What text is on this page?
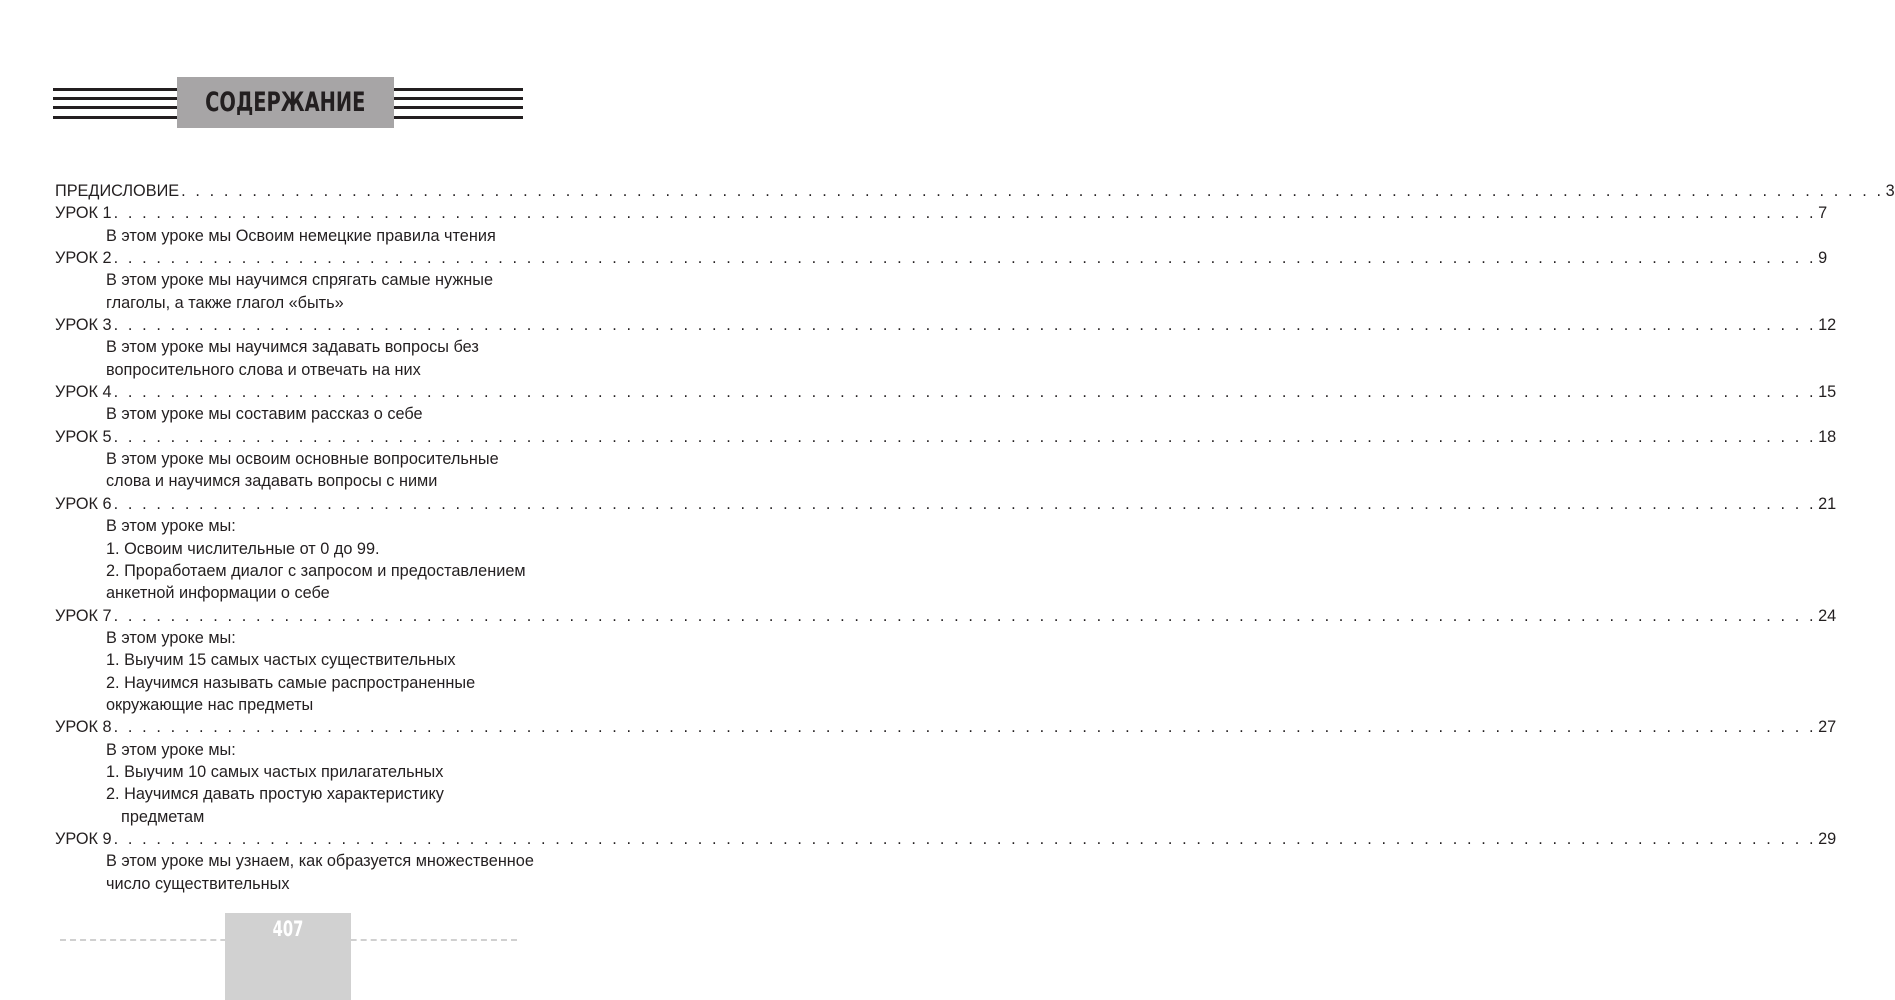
СОДЕРЖАНИЕ
ПРЕДИСЛОВИЕ . . . . . . . . . . . . . . . . . . . . . . . . . . . . . . . . . . . . . . . . . . . . . . . . . . . . . . . . . . . . . . . . . . . . . . . . . . . . . . . . . . . . . . . . . . . . . . . . . . . . . . . . . . . . . . . . . . . . . . . . 3
УРОК 1 . . . . . . . . . . . . . . . . . . . . . . . . . . . . . . . . . . . . . . . . . . . . . . . . . . . . . . . . . . . . . . . . . . . . . . . . . . . . . . . . . . . . . . . . . . . . . . . . . . . . . . . . . . . . . . . . . . . . . . . . 7
В этом уроке мы Освоим немецкие правила чтения
УРОК 2 . . . . . . . . . . . . . . . . . . . . . . . . . . . . . . . . . . . . . . . . . . . . . . . . . . . . . . . . . . . . . . . . . . . . . . . . . . . . . . . . . . . . . . . . . . . . . . . . . . . . . . . . . . . . . . . . . . . . . . . . 9
В этом уроке мы научимся спрягать самые нужные
глаголы, а также глагол «быть»
УРОК 3 . . . . . . . . . . . . . . . . . . . . . . . . . . . . . . . . . . . . . . . . . . . . . . . . . . . . . . . . . . . . . . . . . . . . . . . . . . . . . . . . . . . . . . . . . . . . . . . . . . . . . . . . . . . . . . . . . . . . . . . . 12
В этом уроке мы научимся задавать вопросы без
вопросительного слова и отвечать на них
УРОК 4 . . . . . . . . . . . . . . . . . . . . . . . . . . . . . . . . . . . . . . . . . . . . . . . . . . . . . . . . . . . . . . . . . . . . . . . . . . . . . . . . . . . . . . . . . . . . . . . . . . . . . . . . . . . . . . . . . . . . . . . . 15
В этом уроке мы составим рассказ о себе
УРОК 5 . . . . . . . . . . . . . . . . . . . . . . . . . . . . . . . . . . . . . . . . . . . . . . . . . . . . . . . . . . . . . . . . . . . . . . . . . . . . . . . . . . . . . . . . . . . . . . . . . . . . . . . . . . . . . . . . . . . . . . . . 18
В этом уроке мы освоим основные вопросительные
слова и научимся задавать вопросы с ними
УРОК 6 . . . . . . . . . . . . . . . . . . . . . . . . . . . . . . . . . . . . . . . . . . . . . . . . . . . . . . . . . . . . . . . . . . . . . . . . . . . . . . . . . . . . . . . . . . . . . . . . . . . . . . . . . . . . . . . . . . . . . . . . 21
В этом уроке мы:
1. Освоим числительные от 0 до 99.
2. Проработаем диалог с запросом и предоставлением
анкетной информации о себе
УРОК 7 . . . . . . . . . . . . . . . . . . . . . . . . . . . . . . . . . . . . . . . . . . . . . . . . . . . . . . . . . . . . . . . . . . . . . . . . . . . . . . . . . . . . . . . . . . . . . . . . . . . . . . . . . . . . . . . . . . . . . . . . 24
В этом уроке мы:
1. Выучим 15 самых частых существительных
2. Научимся называть самые распространенные
окружающие нас предметы
УРОК 8 . . . . . . . . . . . . . . . . . . . . . . . . . . . . . . . . . . . . . . . . . . . . . . . . . . . . . . . . . . . . . . . . . . . . . . . . . . . . . . . . . . . . . . . . . . . . . . . . . . . . . . . . . . . . . . . . . . . . . . . . 27
В этом уроке мы:
1. Выучим 10 самых частых прилагательных
2. Научимся давать простую характеристику
предметам
УРОК 9 . . . . . . . . . . . . . . . . . . . . . . . . . . . . . . . . . . . . . . . . . . . . . . . . . . . . . . . . . . . . . . . . . . . . . . . . . . . . . . . . . . . . . . . . . . . . . . . . . . . . . . . . . . . . . . . . . . . . . . . . 29
В этом уроке мы узнаем, как образуется множественное
число существительных
407
